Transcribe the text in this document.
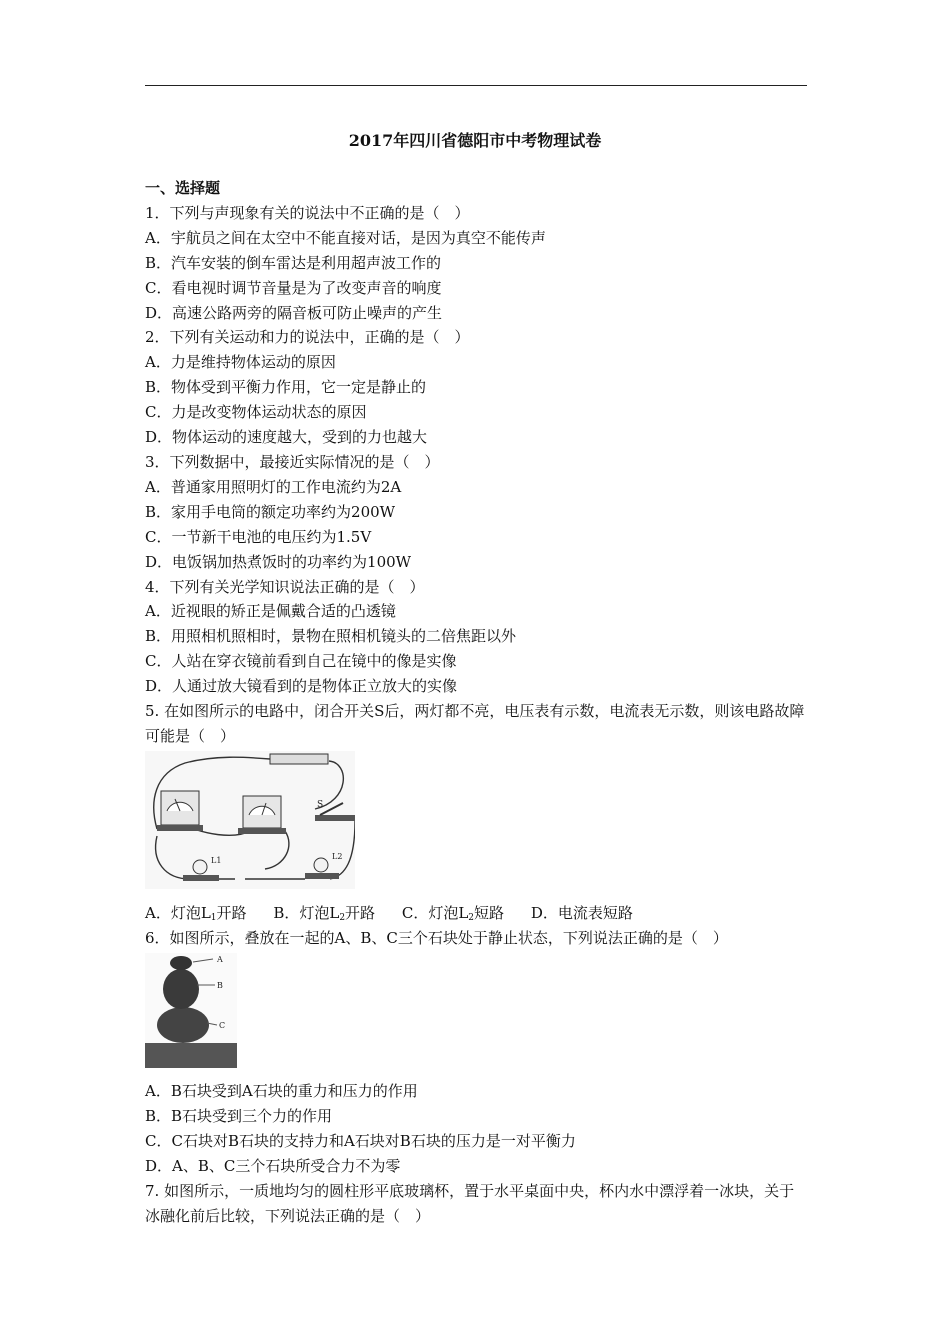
2017年四川省德阳市中考物理试卷
一、选择题
1．下列与声现象有关的说法中不正确的是（　）
A．宇航员之间在太空中不能直接对话，是因为真空不能传声
B．汽车安装的倒车雷达是利用超声波工作的
C．看电视时调节音量是为了改变声音的响度
D．高速公路两旁的隔音板可防止噪声的产生
2．下列有关运动和力的说法中，正确的是（　）
A．力是维持物体运动的原因
B．物体受到平衡力作用，它一定是静止的
C．力是改变物体运动状态的原因
D．物体运动的速度越大，受到的力也越大
3．下列数据中，最接近实际情况的是（　）
A．普通家用照明灯的工作电流约为2A
B．家用手电筒的额定功率约为200W
C．一节新干电池的电压约为1.5V
D．电饭锅加热煮饭时的功率约为100W
4．下列有关光学知识说法正确的是（　）
A．近视眼的矫正是佩戴合适的凸透镜
B．用照相机照相时，景物在照相机镜头的二倍焦距以外
C．人站在穿衣镜前看到自己在镜中的像是实像
D．人通过放大镜看到的是物体正立放大的实像
5. 在如图所示的电路中，闭合开关S后，两灯都不亮，电压表有示数，电流表无示数，则该电路故障可能是（　）
S
L1	L2
A．灯泡$L_1$开路 B．灯泡$L_2$开路 C．灯泡$L_2$短路 D．电流表短路
6．如图所示，叠放在一起的A、B、C三个石块处于静止状态，下列说法正确的是（　）
A
B
C
A．B石块受到A石块的重力和压力的作用
B．B石块受到三个力的作用
C．C石块对B石块的支持力和A石块对B石块的压力是一对平衡力
D．A、B、C三个石块所受合力不为零
7. 如图所示，一质地均匀的圆柱形平底玻璃杯，置于水平桌面中央，杯内水中漂浮着一冰块，关于冰融化前后比较，下列说法正确的是（　）
